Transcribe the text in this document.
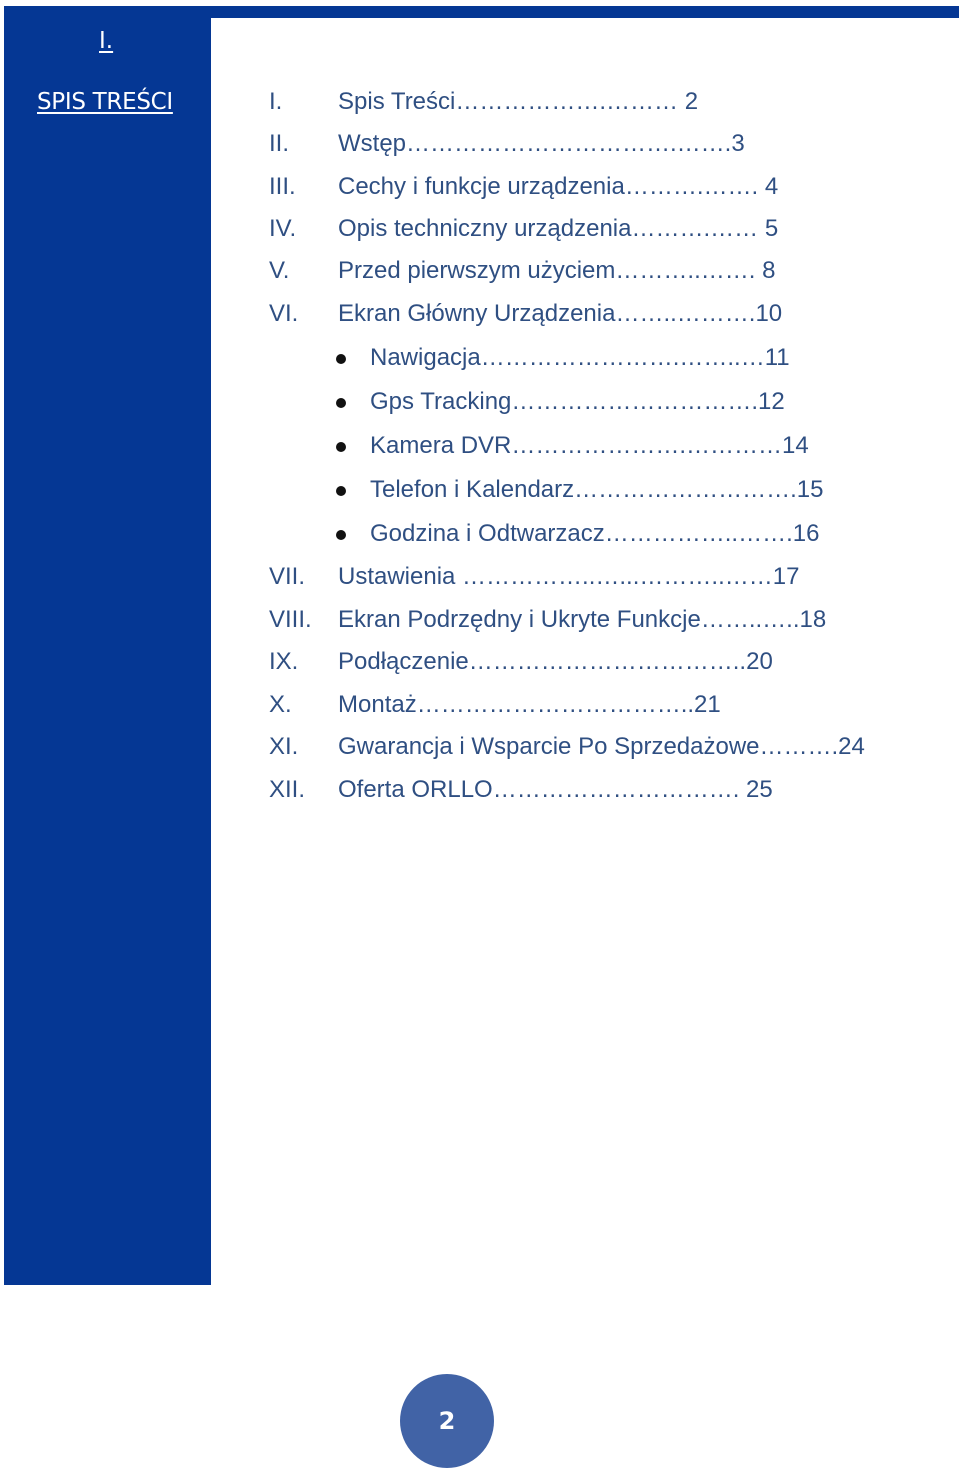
I.
SPIS TREŚCI	I. Spis Treści……………….……… 2
II. Wstęp…………………………….…….3
III. Cechy i funkcje urządzenia……….……. 4
IV. Opis techniczny urządzenia……….…… 5
V. Przed pierwszym użyciem………..……. 8
VI. Ekran Główny Urządzenia……..……….10
Nawigacja…………………….……..…11
Gps Tracking………………………….12
Kamera DVR………………….…………14
Telefon i Kalendarz……………………….15
Godzina i Odtwarzacz……………..…….16
VII. Ustawienia ……………..…...………..……17
VIII. Ekran Podrzędny i Ukryte Funkcje……..…..18
IX. Podłączenie……………………………..20
X. Montaż……………………………..21
XI. Gwarancja i Wsparcie Po Sprzedażowe……….24
XII. Oferta ORLLO…………………………. 25
2
